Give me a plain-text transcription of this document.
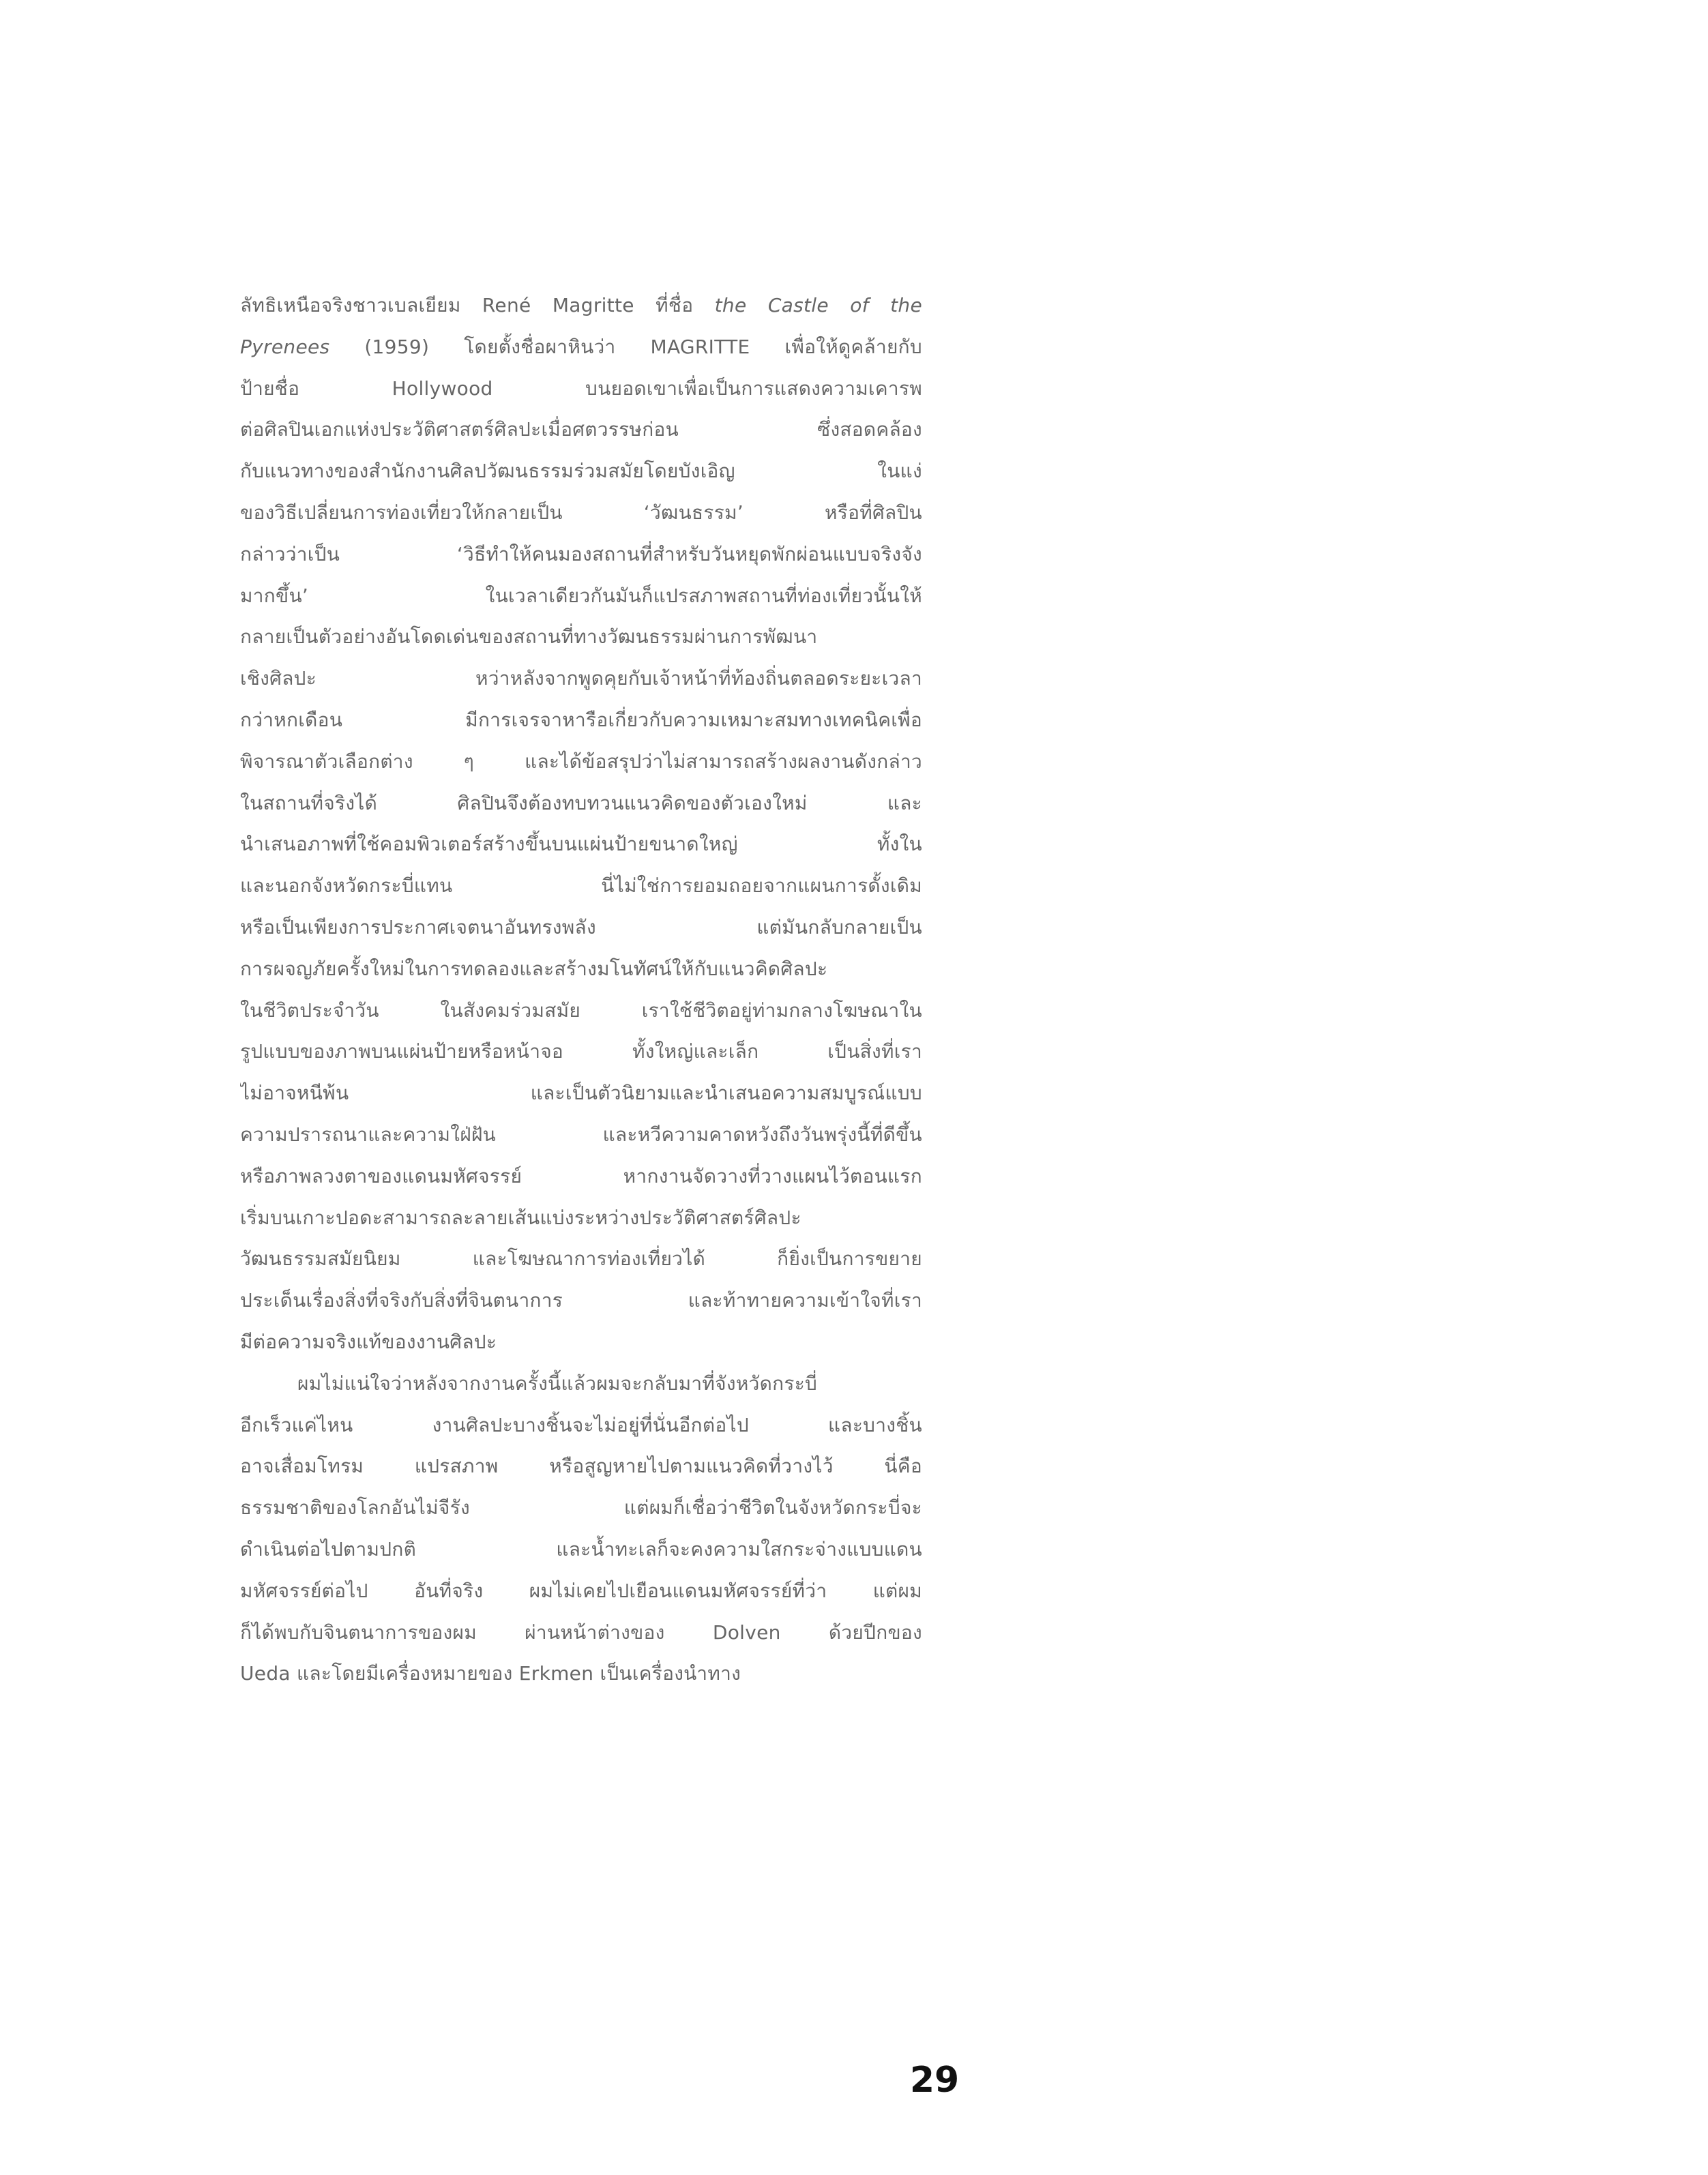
ลัทธิเหนือจริงชาวเบลเยียม René Magritte ที่ชื่อ the Castle of the
Pyrenees (1959) โดยตั้งชื่อผาหินว่า MAGRITTE เพื่อให้ดูคล้ายกับ
ป้ายชื่อ Hollywood บนยอดเขาเพื่อเป็นการแสดงความเคารพ
ต่อศิลปินเอกแห่งประวัติศาสตร์ศิลปะเมื่อศตวรรษก่อน ซึ่งสอดคล้อง
กับแนวทางของสำนักงานศิลปวัฒนธรรมร่วมสมัยโดยบังเอิญ ในแง่
ของวิธีเปลี่ยนการท่องเที่ยวให้กลายเป็น ‘วัฒนธรรม’ หรือที่ศิลปิน
กล่าวว่าเป็น ‘วิธีทำให้คนมองสถานที่สำหรับวันหยุดพักผ่อนแบบจริงจัง
มากขึ้น’ ในเวลาเดียวกันมันก็แปรสภาพสถานที่ท่องเที่ยวนั้นให้
กลายเป็นตัวอย่างอันโดดเด่นของสถานที่ทางวัฒนธรรมผ่านการพัฒนา
เชิงศิลปะ หว่าหลังจากพูดคุยกับเจ้าหน้าที่ท้องถิ่นตลอดระยะเวลา
กว่าหกเดือน มีการเจรจาหารือเกี่ยวกับความเหมาะสมทางเทคนิคเพื่อ
พิจารณาตัวเลือกต่าง ๆ และได้ข้อสรุปว่าไม่สามารถสร้างผลงานดังกล่าว
ในสถานที่จริงได้ ศิลปินจึงต้องทบทวนแนวคิดของตัวเองใหม่ และ
นำเสนอภาพที่ใช้คอมพิวเตอร์สร้างขึ้นบนแผ่นป้ายขนาดใหญ่ ทั้งใน
และนอกจังหวัดกระบี่แทน นี่ไม่ใช่การยอมถอยจากแผนการดั้งเดิม
หรือเป็นเพียงการประกาศเจตนาอันทรงพลัง แต่มันกลับกลายเป็น
การผจญภัยครั้งใหม่ในการทดลองและสร้างมโนทัศน์ให้กับแนวคิดศิลปะ
ในชีวิตประจำวัน ในสังคมร่วมสมัย เราใช้ชีวิตอยู่ท่ามกลางโฆษณาใน
รูปแบบของภาพบนแผ่นป้ายหรือหน้าจอ ทั้งใหญ่และเล็ก เป็นสิ่งที่เรา
ไม่อาจหนีพ้น และเป็นตัวนิยามและนำเสนอความสมบูรณ์แบบ
ความปรารถนาและความใฝ่ฝัน และหวีความคาดหวังถึงวันพรุ่งนี้ที่ดีขึ้น
หรือภาพลวงตาของแดนมหัศจรรย์ หากงานจัดวางที่วางแผนไว้ตอนแรก
เริ่มบนเกาะปอดะสามารถละลายเส้นแบ่งระหว่างประวัติศาสตร์ศิลปะ
วัฒนธรรมสมัยนิยม และโฆษณาการท่องเที่ยวได้ ก็ยิ่งเป็นการขยาย
ประเด็นเรื่องสิ่งที่จริงกับสิ่งที่จินตนาการ และท้าทายความเข้าใจที่เรา
มีต่อความจริงแท้ของงานศิลปะ
ผมไม่แน่ใจว่าหลังจากงานครั้งนี้แล้วผมจะกลับมาที่จังหวัดกระบี่
อีกเร็วแค่ไหน งานศิลปะบางชิ้นจะไม่อยู่ที่นั่นอีกต่อไป และบางชิ้น
อาจเสื่อมโทรม แปรสภาพ หรือสูญหายไปตามแนวคิดที่วางไว้ นี่คือ
ธรรมชาติของโลกอันไม่จีรัง แต่ผมก็เชื่อว่าชีวิตในจังหวัดกระบี่จะ
ดำเนินต่อไปตามปกติ และน้ำทะเลก็จะคงความใสกระจ่างแบบแดน
มหัศจรรย์ต่อไป อันที่จริง ผมไม่เคยไปเยือนแดนมหัศจรรย์ที่ว่า แต่ผม
ก็ได้พบกับจินตนาการของผม ผ่านหน้าต่างของ Dolven ด้วยปีกของ
Ueda และโดยมีเครื่องหมายของ Erkmen เป็นเครื่องนำทาง
29
